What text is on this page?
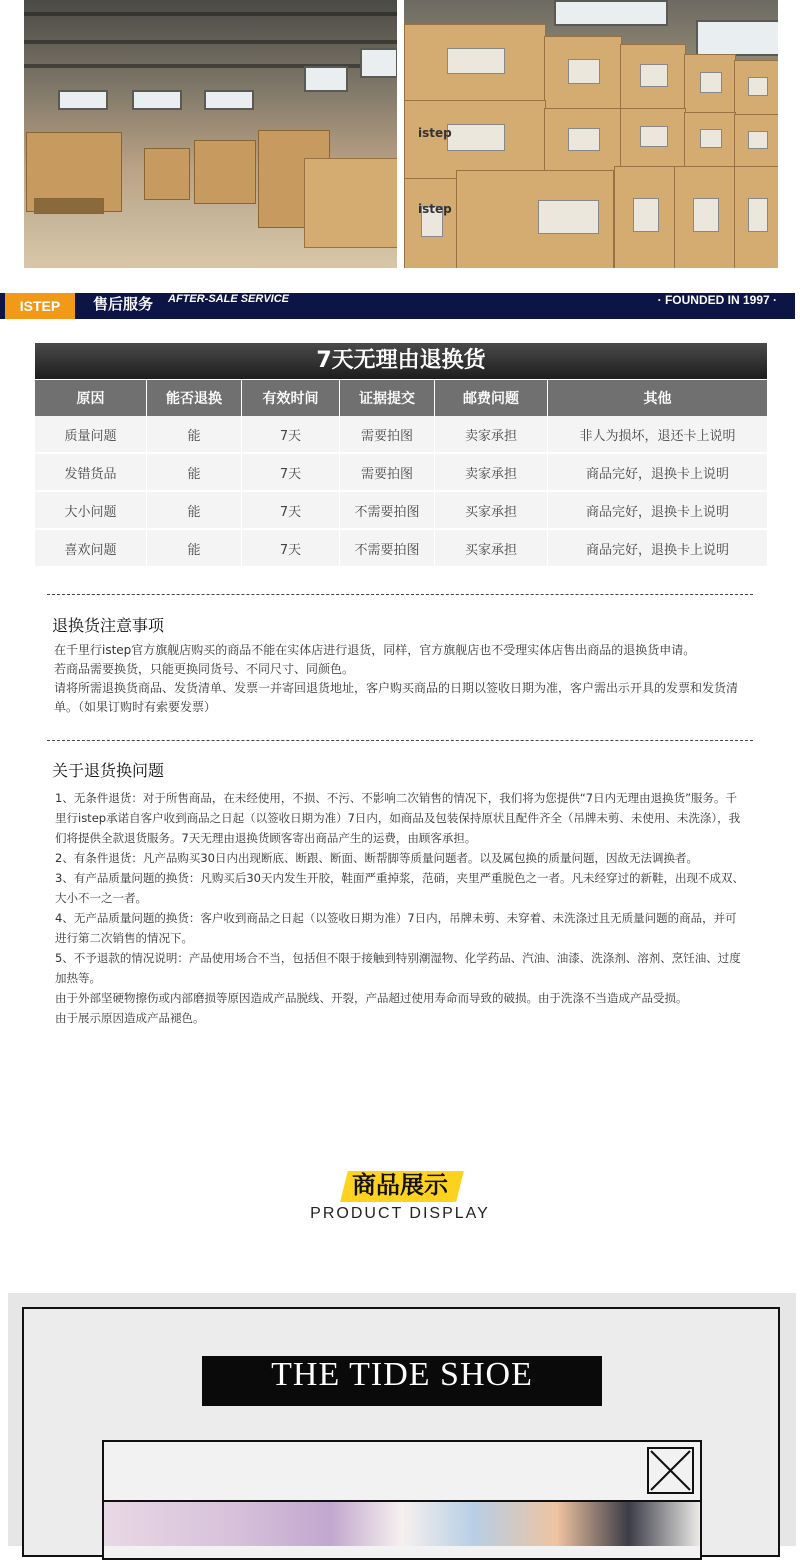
istep
istep
ISTEP	售后服务 AFTER-SALE SERVICE	· FOUNDED IN 1997 ·
7天无理由退换货
原因	能否退换	有效时间	证据提交	邮费问题	其他
质量问题	能	7天	需要拍图	卖家承担	非人为损坏，退还卡上说明
发错货品	能	7天	需要拍图	卖家承担	商品完好，退换卡上说明
大小问题	能	7天	不需要拍图	买家承担	商品完好，退换卡上说明
喜欢问题	能	7天	不需要拍图	买家承担	商品完好，退换卡上说明
退换货注意事项

在千里行istep官方旗舰店购买的商品不能在实体店进行退货，同样，官方旗舰店也不受理实体店售出商品的退换货申请。

若商品需要换货，只能更换同货号、不同尺寸、同颜色。

请将所需退换货商品、发货清单、发票一并寄回退货地址，客户购买商品的日期以签收日期为准，客户需出示开具的发票和发货清单。（如果订购时有索要发票）

关于退货换问题

1、无条件退货：对于所售商品，在未经使用，不损、不污、不影响二次销售的情况下，我们将为您提供“7日内无理由退换货”服务。千里行istep承诺自客户收到商品之日起（以签收日期为准）7日内，如商品及包装保持原状且配件齐全（吊牌未剪、未使用、未洗涤），我们将提供全款退货服务。7天无理由退换货顾客寄出商品产生的运费，由顾客承担。

2、有条件退货：凡产品购买30日内出现断底、断跟、断面、断帮脚等质量问题者。以及属包换的质量问题，因故无法调换者。

3、有产品质量问题的换货：凡购买后30天内发生开胶，鞋面严重掉浆，范硝，夹里严重脱色之一者。凡未经穿过的新鞋，出现不成双、大小不一之一者。

4、无产品质量问题的换货：客户收到商品之日起（以签收日期为准）7日内，吊牌未剪、未穿着、未洗涤过且无质量问题的商品，并可进行第二次销售的情况下。

5、不予退款的情况说明：产品使用场合不当，包括但不限于接触到特别潮湿物、化学药品、汽油、油漆、洗涤剂、溶剂、烹饪油、过度加热等。

由于外部坚硬物擦伤或内部磨损等原因造成产品脱线、开裂，产品超过使用寿命而导致的破损。由于洗涤不当造成产品受损。

由于展示原因造成产品褪色。

商品展示
PRODUCT DISPLAY
THE TIDE SHOE
